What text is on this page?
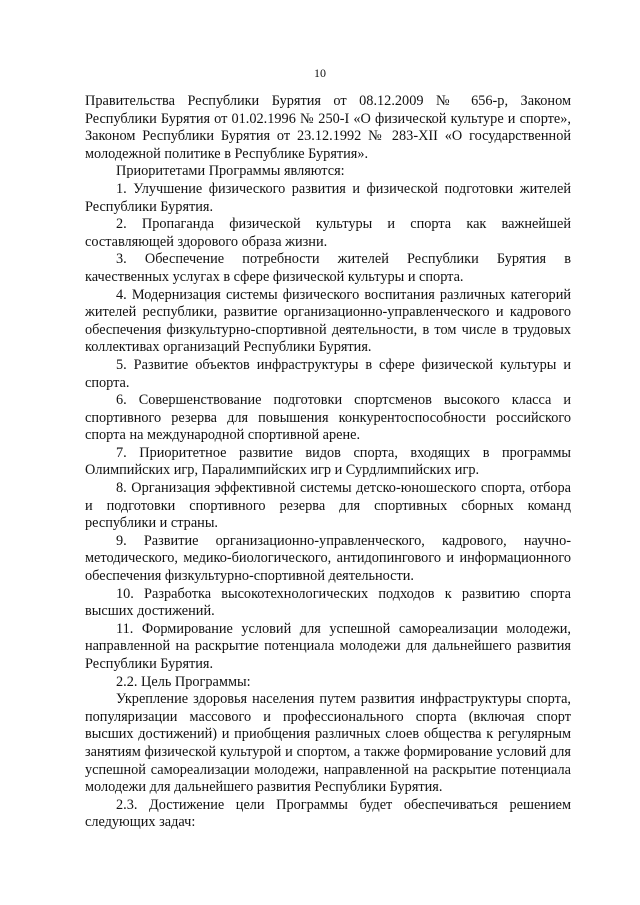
10

Правительства Республики Бурятия от 08.12.2009 № 656-р, Законом Республики Бурятия от 01.02.1996 № 250-I «О физической культуре и спорте», Законом Республики Бурятия от 23.12.1992 № 283-XII «О государственной молодежной политике в Республике Бурятия».

Приоритетами Программы являются:

1. Улучшение физического развития и физической подготовки жителей Республики Бурятия.

2. Пропаганда физической культуры и спорта как важнейшей составляющей здорового образа жизни.

3. Обеспечение потребности жителей Республики Бурятия в качественных услугах в сфере физической культуры и спорта.

4. Модернизация системы физического воспитания различных категорий жителей республики, развитие организационно-управленческого и кадрового обеспечения физкультурно-спортивной деятельности, в том числе в трудовых коллективах организаций Республики Бурятия.

5. Развитие объектов инфраструктуры в сфере физической культуры и спорта.

6. Совершенствование подготовки спортсменов высокого класса и спортивного резерва для повышения конкурентоспособности российского спорта на международной спортивной арене.

7. Приоритетное развитие видов спорта, входящих в программы Олимпийских игр, Паралимпийских игр и Сурдлимпийских игр.

8. Организация эффективной системы детско-юношеского спорта, отбора и подготовки спортивного резерва для спортивных сборных команд республики и страны.

9. Развитие организационно-управленческого, кадрового, научно-методического, медико-биологического, антидопингового и информационного обеспечения физкультурно-спортивной деятельности.

10. Разработка высокотехнологических подходов к развитию спорта высших достижений.

11. Формирование условий для успешной самореализации молодежи, направленной на раскрытие потенциала молодежи для дальнейшего развития Республики Бурятия.

2.2. Цель Программы:

Укрепление здоровья населения путем развития инфраструктуры спорта, популяризации массового и профессионального спорта (включая спорт высших достижений) и приобщения различных слоев общества к регулярным занятиям физической культурой и спортом, а также формирование условий для успешной самореализации молодежи, направленной на раскрытие потенциала молодежи для дальнейшего развития Республики Бурятия.

2.3. Достижение цели Программы будет обеспечиваться решением следующих задач:
